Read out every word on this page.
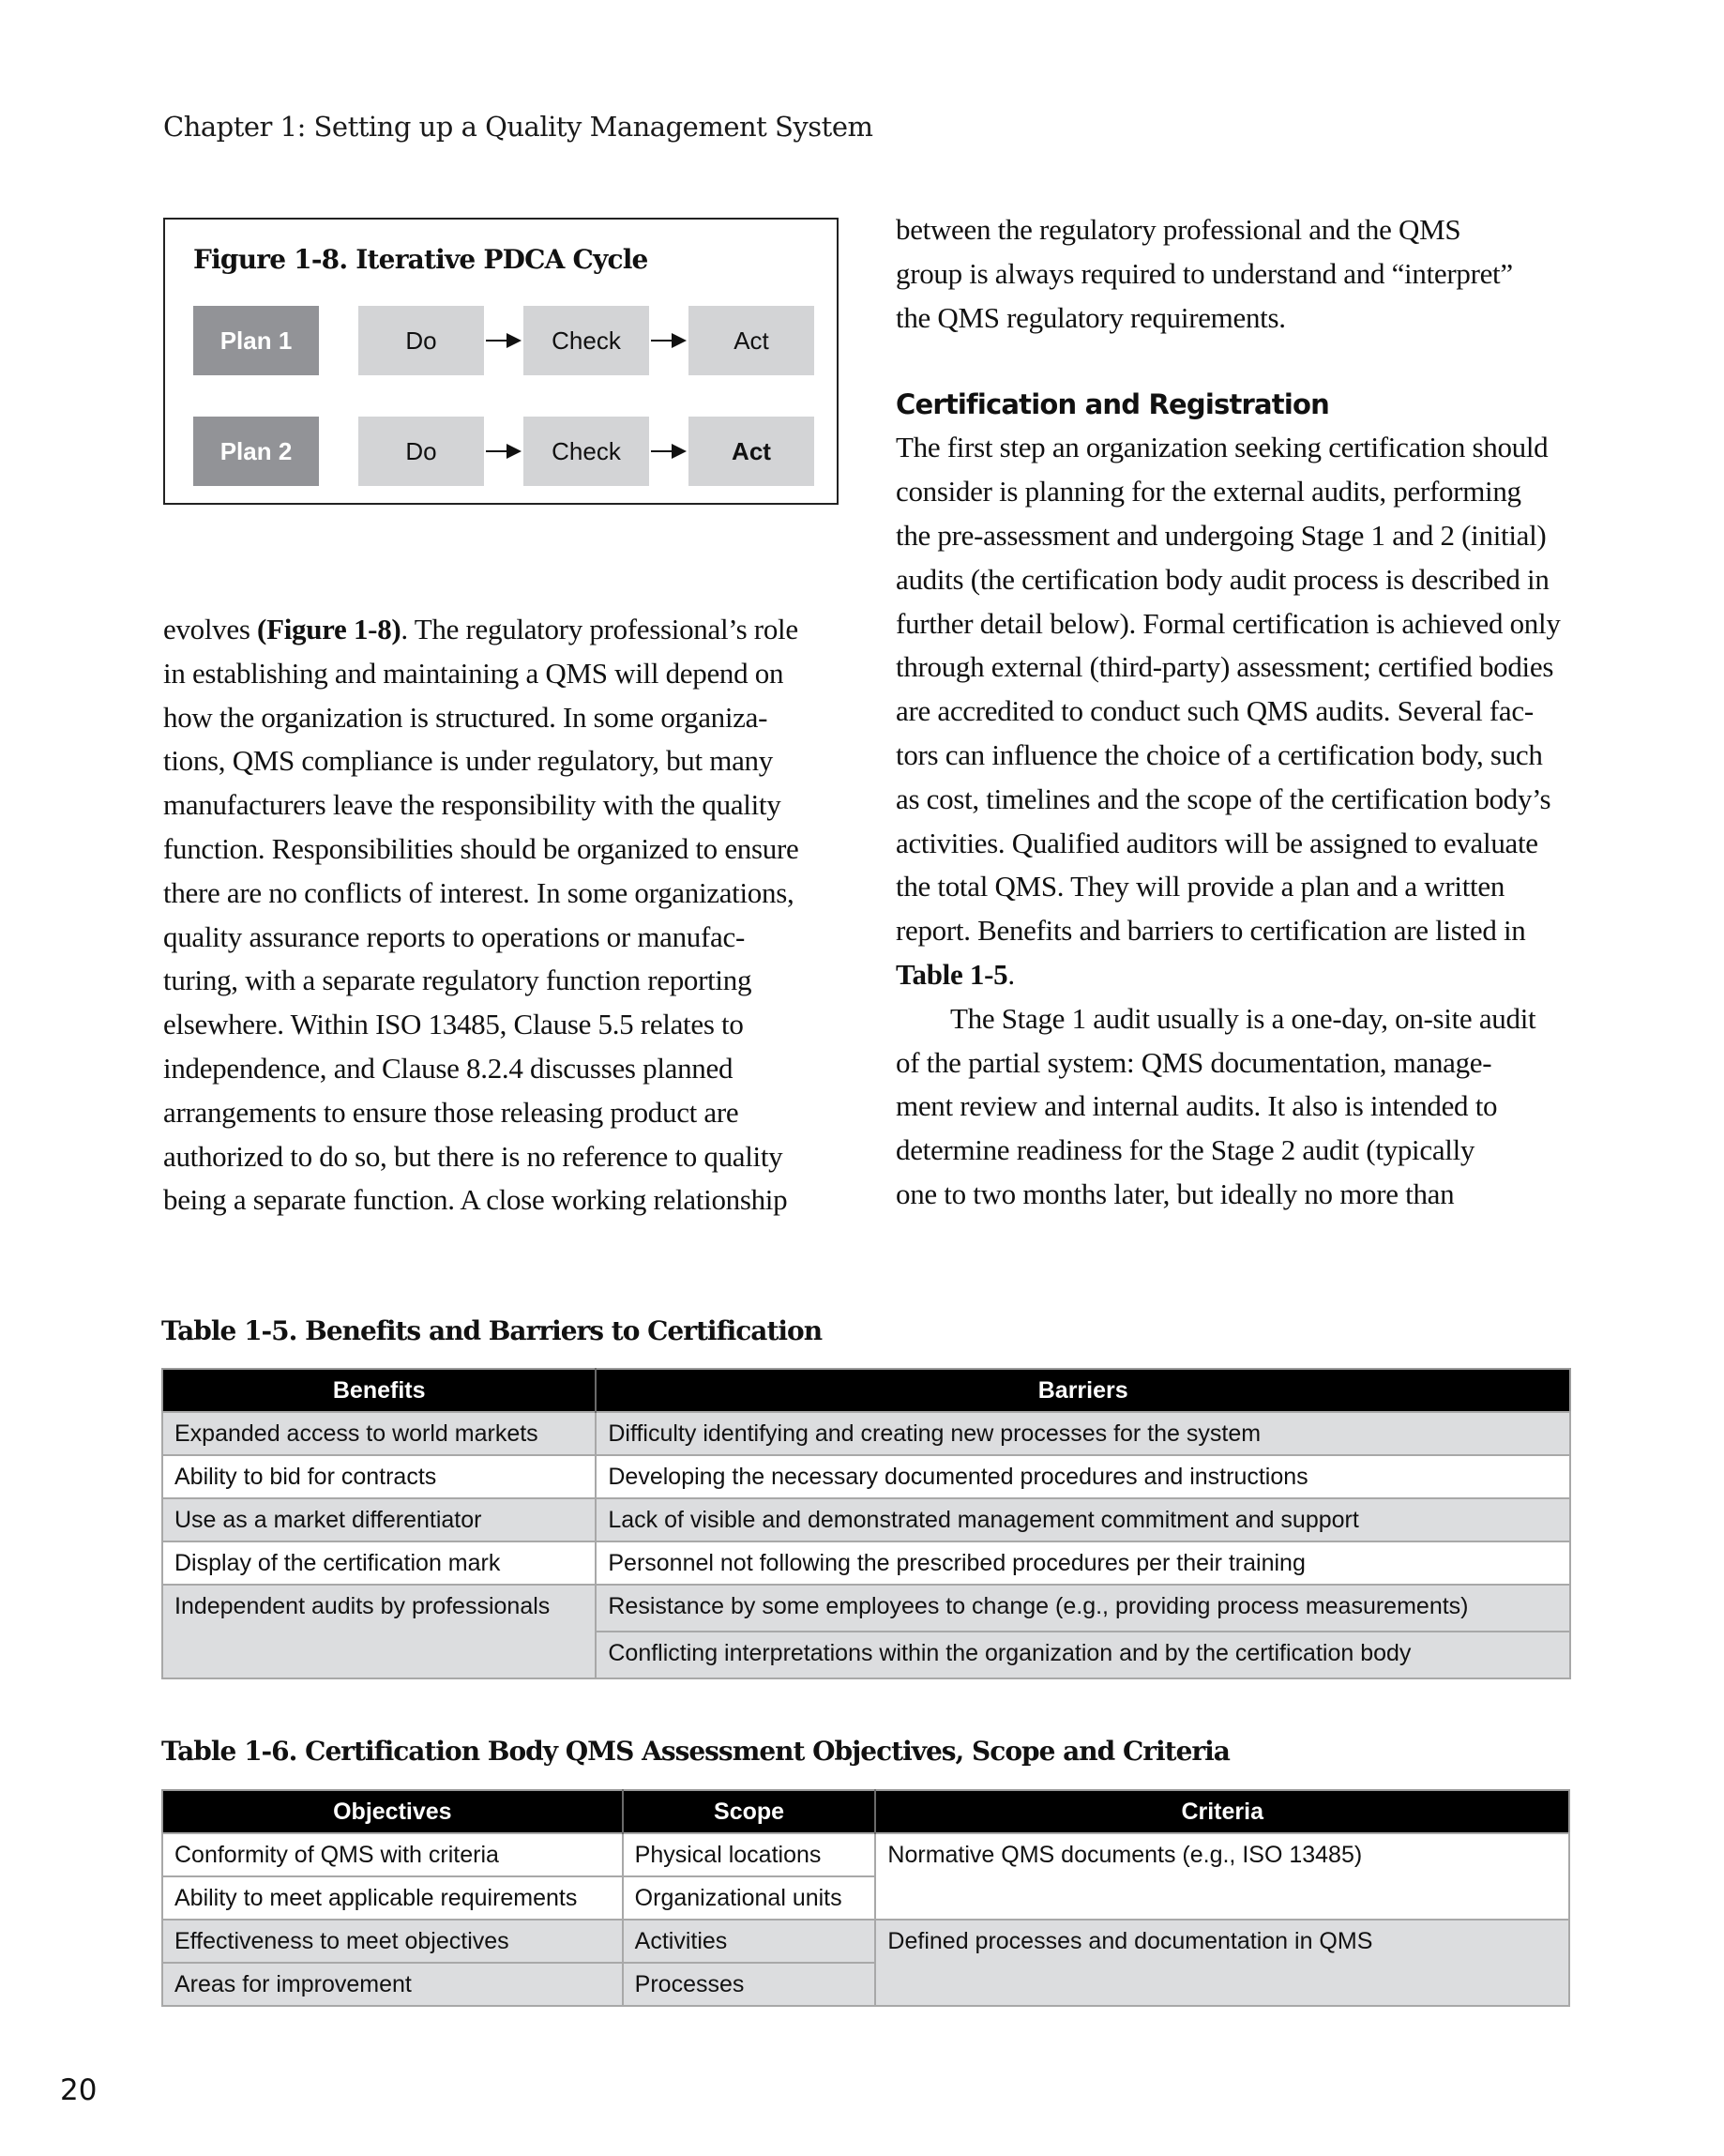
Chapter 1: Setting up a Quality Management System
Figure 1-8. Iterative PDCA Cycle
Plan 1	Do	Check	Act
Plan 2	Do	Check	Act

evolves (Figure 1-8). The regulatory professional’s role

in establishing and maintaining a QMS will depend on

how the organization is structured. In some organiza-

tions, QMS compliance is under regulatory, but many

manufacturers leave the responsibility with the quality

function. Responsibilities should be organized to ensure

there are no conflicts of interest. In some organizations,

quality assurance reports to operations or manufac-

turing, with a separate regulatory function reporting

elsewhere. Within ISO 13485, Clause 5.5 relates to

independence, and Clause 8.2.4 discusses planned

arrangements to ensure those releasing product are

authorized to do so, but there is no reference to quality

being a separate function. A close working relationship

between the regulatory professional and the QMS

group is always required to understand and “interpret”

the QMS regulatory requirements.

Certification and Registration

The first step an organization seeking certification should

consider is planning for the external audits, performing

the pre-assessment and undergoing Stage 1 and 2 (initial)

audits (the certification body audit process is described in

further detail below). Formal certification is achieved only

through external (third-party) assessment; certified bodies

are accredited to conduct such QMS audits. Several fac-

tors can influence the choice of a certification body, such

as cost, timelines and the scope of the certification body’s

activities. Qualified auditors will be assigned to evaluate

the total QMS. They will provide a plan and a written

report. Benefits and barriers to certification are listed in

Table 1-5.

The Stage 1 audit usually is a one-day, on-site audit

of the partial system: QMS documentation, manage-

ment review and internal audits. It also is intended to

determine readiness for the Stage 2 audit (typically

one to two months later, but ideally no more than

Table 1-5. Benefits and Barriers to Certification
Benefits	Barriers
Expanded access to world markets	Difficulty identifying and creating new processes for the system
Ability to bid for contracts	Developing the necessary documented procedures and instructions
Use as a market differentiator	Lack of visible and demonstrated management commitment and support
Display of the certification mark	Personnel not following the prescribed procedures per their training
Independent audits by professionals	Resistance by some employees to change (e.g., providing process measurements)
	Conflicting interpretations within the organization and by the certification body
Table 1-6. Certification Body QMS Assessment Objectives, Scope and Criteria
Objectives	Scope	Criteria
Conformity of QMS with criteria	Physical locations	Normative QMS documents (e.g., ISO 13485)
Ability to meet applicable requirements	Organizational units	
Effectiveness to meet objectives	Activities	Defined processes and documentation in QMS
Areas for improvement	Processes	
20
